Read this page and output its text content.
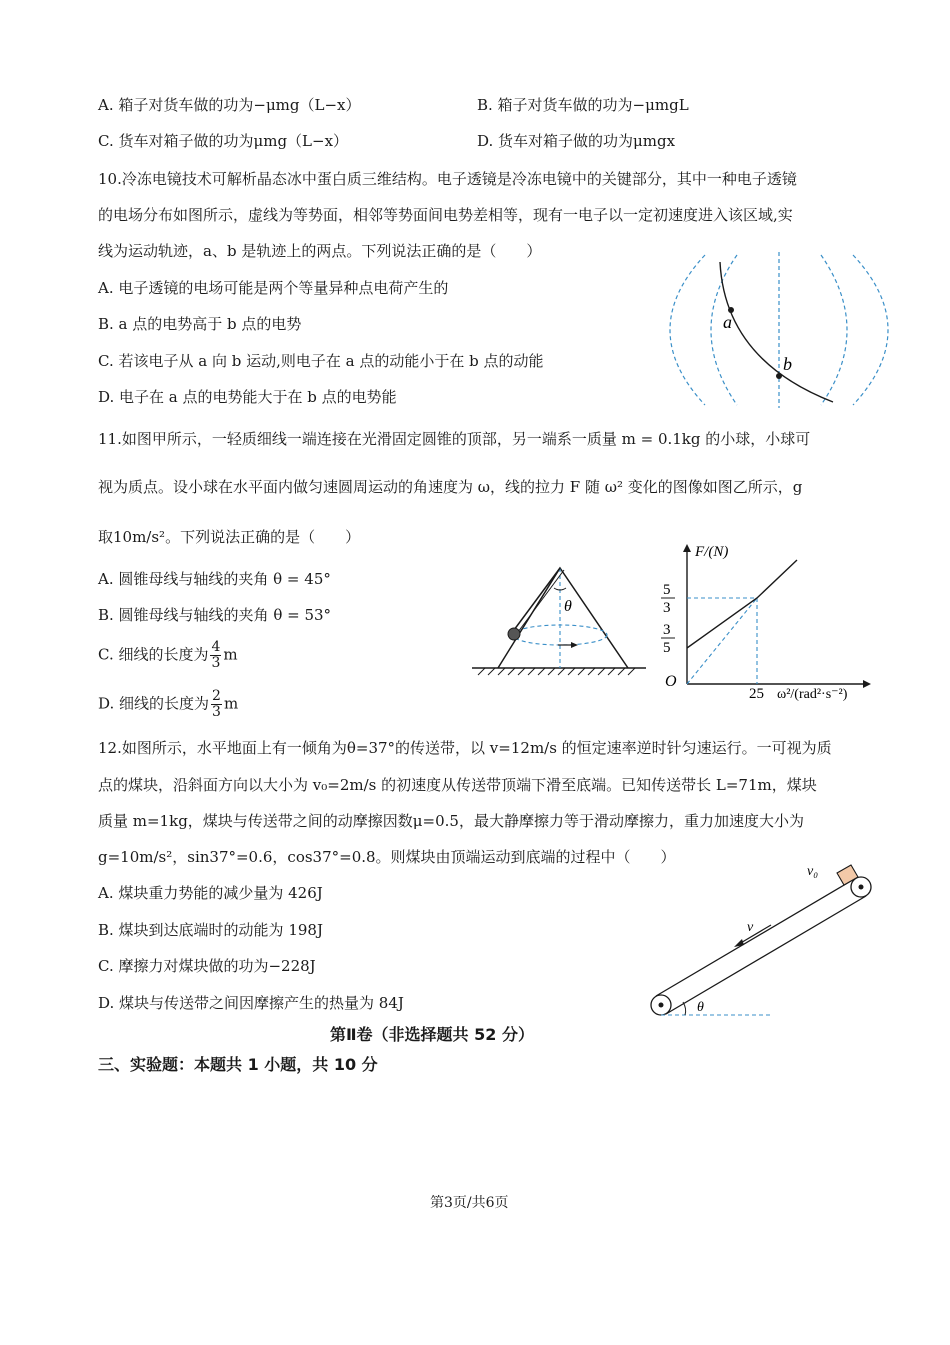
A. 箱子对货车做的功为−μmg（L−x）	B. 箱子对货车做的功为−μmgL
C. 货车对箱子做的功为μmg（L−x）	D. 货车对箱子做的功为μmgx
10.冷冻电镜技术可解析晶态冰中蛋白质三维结构。电子透镜是冷冻电镜中的关键部分，其中一种电子透镜
的电场分布如图所示，虚线为等势面，相邻等势面间电势差相等，现有一电子以一定初速度进入该区域,实
线为运动轨迹，a、b 是轨迹上的两点。下列说法正确的是（　　）
A. 电子透镜的电场可能是两个等量异种点电荷产生的
B. a 点的电势高于 b 点的电势
C. 若该电子从 a 向 b 运动,则电子在 a 点的动能小于在 b 点的动能
D. 电子在 a 点的电势能大于在 b 点的电势能
a
b
11.如图甲所示，一轻质细线一端连接在光滑固定圆锥的顶部，另一端系一质量 m = 0.1kg 的小球，小球可
视为质点。设小球在水平面内做匀速圆周运动的角速度为 ω，线的拉力 F 随 ω² 变化的图像如图乙所示，g
取10m/s²。下列说法正确的是（　　）
A. 圆锥母线与轴线的夹角 θ = 45°
B. 圆锥母线与轴线的夹角 θ = 53°
C. 细线的长度为 $\frac{4}{3}$ m
D. 细线的长度为 $\frac{2}{3}$ m
θ
F/(N)
O
25 ω²/(rad²·s⁻²)
5
3
3
5
12.如图所示，水平地面上有一倾角为θ=37°的传送带，以 v=12m/s 的恒定速率逆时针匀速运行。一可视为质
点的煤块，沿斜面方向以大小为 v₀=2m/s 的初速度从传送带顶端下滑至底端。已知传送带长 L=71m，煤块
质量 m=1kg，煤块与传送带之间的动摩擦因数μ=0.5，最大静摩擦力等于滑动摩擦力，重力加速度大小为
g=10m/s²，sin37°=0.6，cos37°=0.8。则煤块由顶端运动到底端的过程中（　　）
A. 煤块重力势能的减少量为 426J
B. 煤块到达底端时的动能为 198J
C. 摩擦力对煤块做的功为−228J
D. 煤块与传送带之间因摩擦产生的热量为 84J	θ
v₀
v
第Ⅱ卷（非选择题共 52 分）
三、实验题：本题共 1 小题，共 10 分
第3页/共6页
